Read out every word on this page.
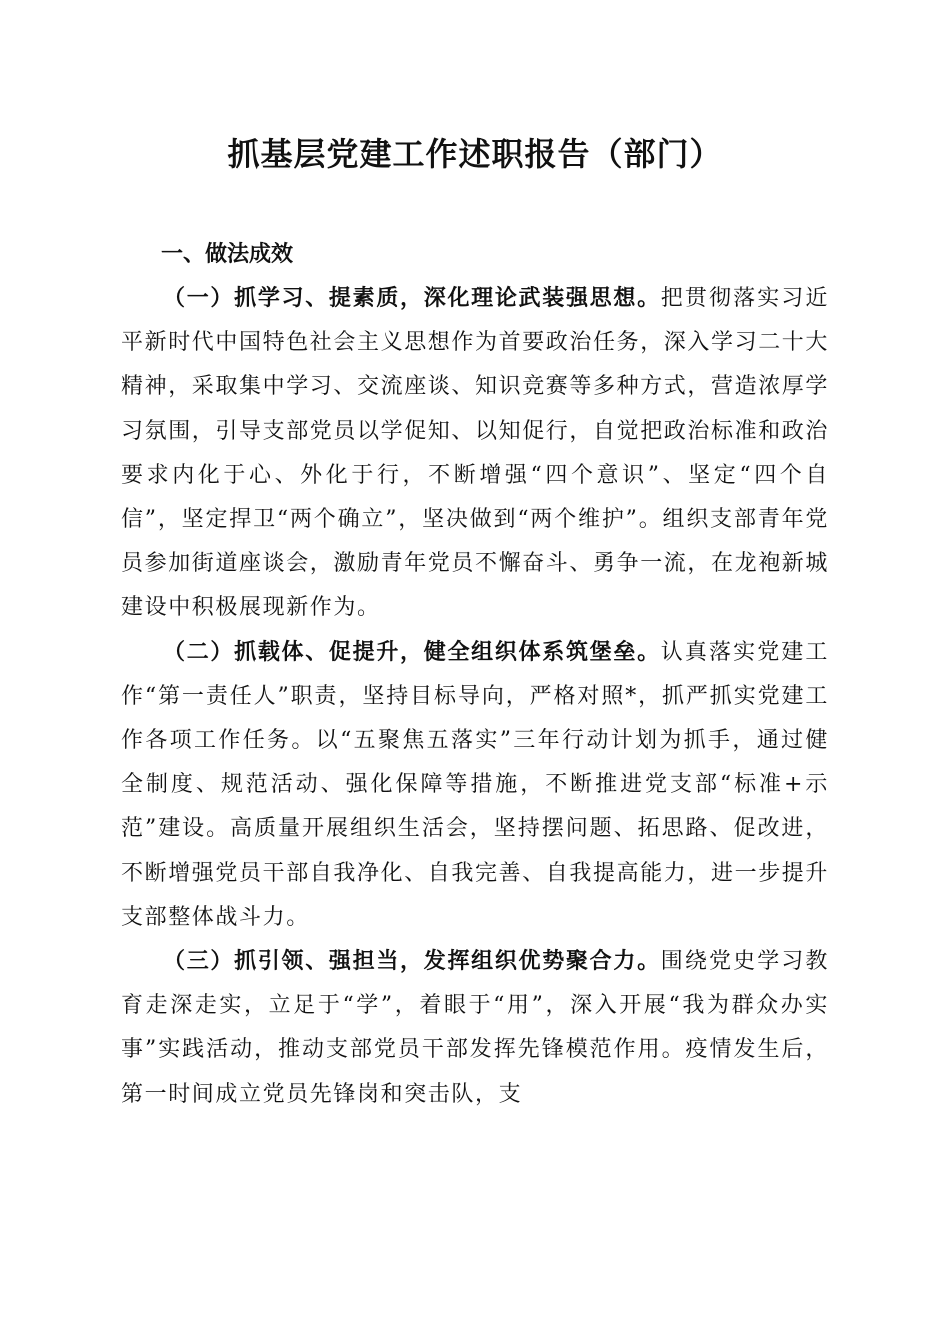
抓基层党建工作述职报告（部门）
一、做法成效

（一）抓学习、提素质，深化理论武装强思想。把贯彻落实习近平新时代中国特色社会主义思想作为首要政治任务，深入学习二十大精神，采取集中学习、交流座谈、知识竞赛等多种方式，营造浓厚学习氛围，引导支部党员以学促知、以知促行，自觉把政治标准和政治要求内化于心、外化于行，不断增强“四个意识”、坚定“四个自信”，坚定捍卫“两个确立”，坚决做到“两个维护”。组织支部青年党员参加街道座谈会，激励青年党员不懈奋斗、勇争一流，在龙袍新城建设中积极展现新作为。

（二）抓载体、促提升，健全组织体系筑堡垒。认真落实党建工作“第一责任人”职责，坚持目标导向，严格对照*，抓严抓实党建工作各项工作任务。以“五聚焦五落实”三年行动计划为抓手，通过健全制度、规范活动、强化保障等措施，不断推进党支部“标准+示范”建设。高质量开展组织生活会，坚持摆问题、拓思路、促改进，不断增强党员干部自我净化、自我完善、自我提高能力，进一步提升支部整体战斗力。

（三）抓引领、强担当，发挥组织优势聚合力。围绕党史学习教育走深走实，立足于“学”，着眼于“用”，深入开展“我为群众办实事”实践活动，推动支部党员干部发挥先锋模范作用。疫情发生后，第一时间成立党员先锋岗和突击队，支
